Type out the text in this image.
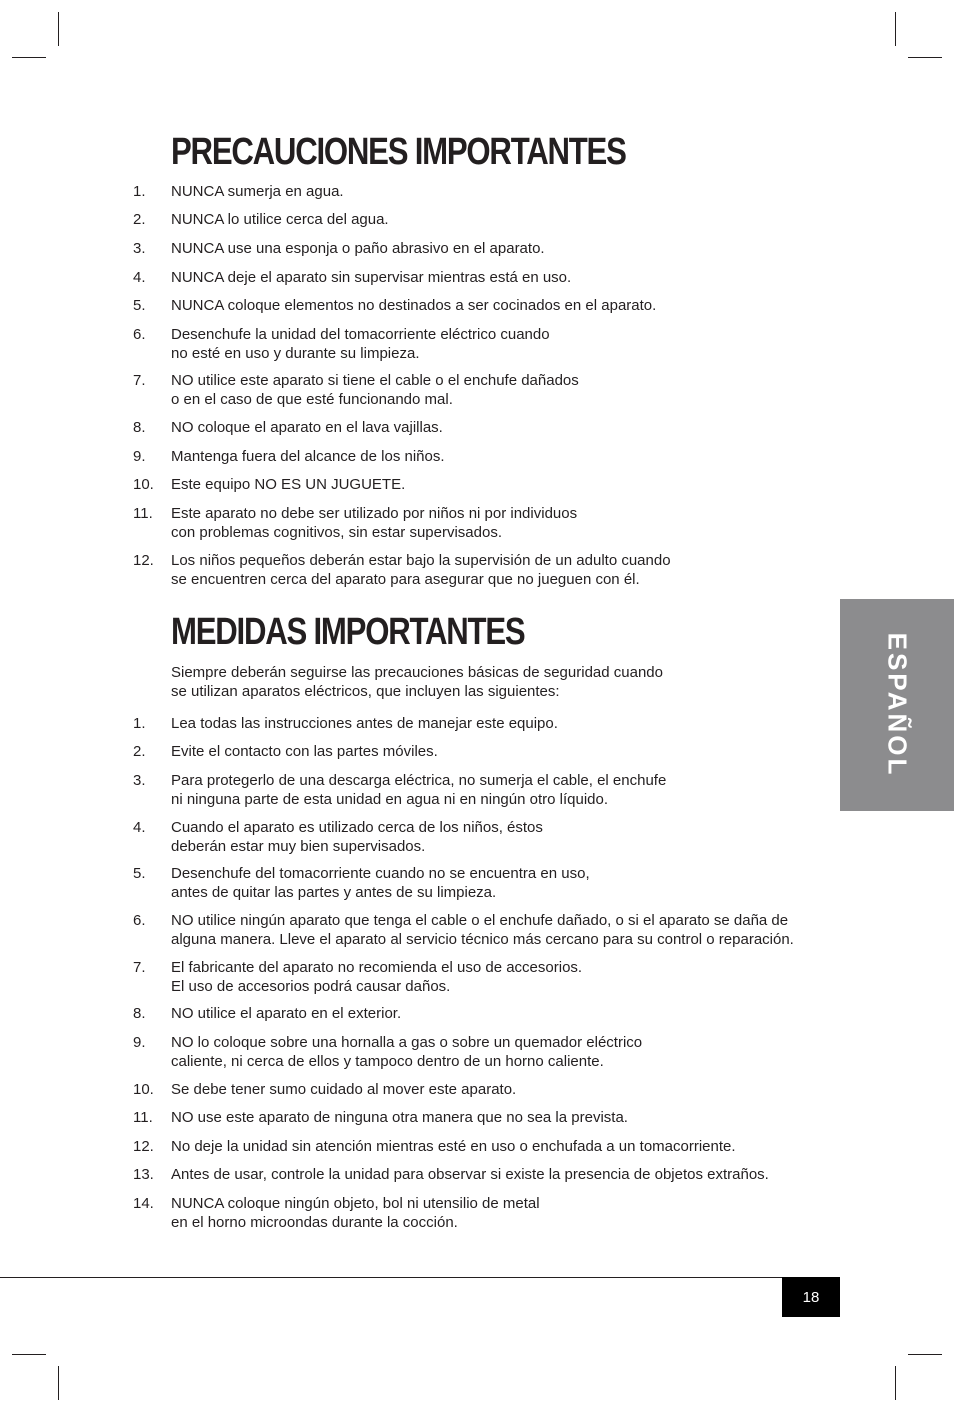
PRECAUCIONES IMPORTANTES
1. NUNCA sumerja en agua.
2. NUNCA lo utilice cerca del agua.
3. NUNCA use una esponja o paño abrasivo en el aparato.
4. NUNCA deje el aparato sin supervisar mientras está en uso.
5. NUNCA coloque elementos no destinados a ser cocinados en el aparato.
6. Desenchufe la unidad del tomacorriente eléctrico cuando
no esté en uso y durante su limpieza.
7. NO utilice este aparato si tiene el cable o el enchufe dañados
o en el caso de que esté funcionando mal.
8. NO coloque el aparato en el lava vajillas.
9. Mantenga fuera del alcance de los niños.
10. Este equipo NO ES UN JUGUETE.
11. Este aparato no debe ser utilizado por niños ni por individuos
con problemas cognitivos, sin estar supervisados.
12. Los niños pequeños deberán estar bajo la supervisión de un adulto cuando
se encuentren cerca del aparato para asegurar que no jueguen con él.
MEDIDAS IMPORTANTES
Siempre deberán seguirse las precauciones básicas de seguridad cuando
se utilizan aparatos eléctricos, que incluyen las siguientes:
1. Lea todas las instrucciones antes de manejar este equipo.
2. Evite el contacto con las partes móviles.
3. Para protegerlo de una descarga eléctrica, no sumerja el cable, el enchufe
ni ninguna parte de esta unidad en agua ni en ningún otro líquido.
4. Cuando el aparato es utilizado cerca de los niños, éstos
deberán estar muy bien supervisados.
5. Desenchufe del tomacorriente cuando no se encuentra en uso,
antes de quitar las partes y antes de su limpieza.
6. NO utilice ningún aparato que tenga el cable o el enchufe dañado, o si el aparato se daña de
alguna manera. Lleve el aparato al servicio técnico más cercano para su control o reparación.
7. El fabricante del aparato no recomienda el uso de accesorios.
El uso de accesorios podrá causar daños.
8. NO utilice el aparato en el exterior.
9. NO lo coloque sobre una hornalla a gas o sobre un quemador eléctrico
caliente, ni cerca de ellos y tampoco dentro de un horno caliente.
10. Se debe tener sumo cuidado al mover este aparato.
11. NO use este aparato de ninguna otra manera que no sea la prevista.
12. No deje la unidad sin atención mientras esté en uso o enchufada a un tomacorriente.
13. Antes de usar, controle la unidad para observar si existe la presencia de objetos extraños.
14. NUNCA coloque ningún objeto, bol ni utensilio de metal
en el horno microondas durante la cocción.
ESPAÑOL
18
